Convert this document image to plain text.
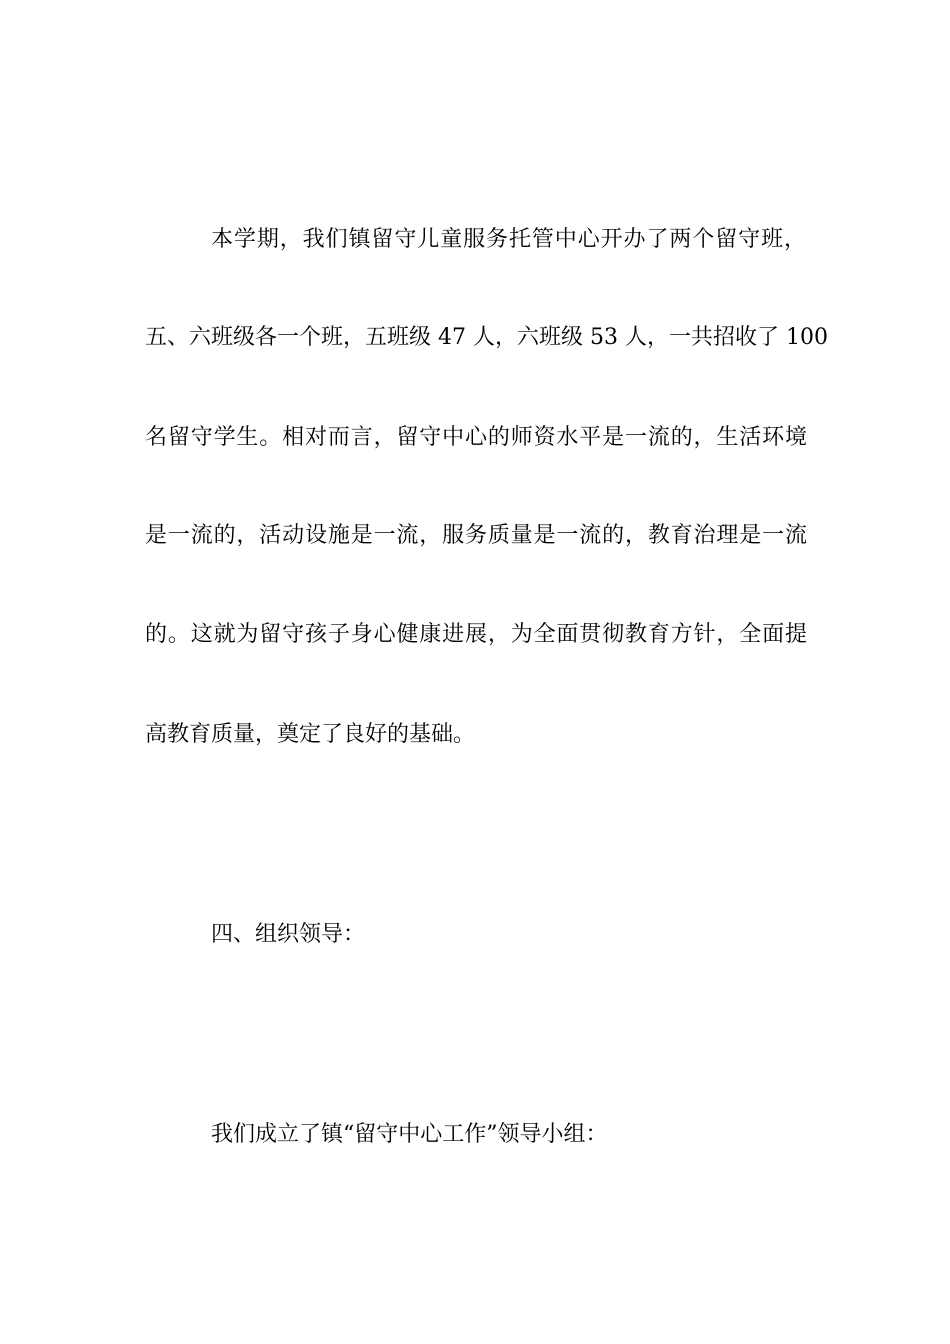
本学期，我们镇留守儿童服务托管中心开办了两个留守班，
五、六班级各一个班，五班级 47 人，六班级 53 人，一共招收了 100
名留守学生。相对而言，留守中心的师资水平是一流的，生活环境
是一流的，活动设施是一流，服务质量是一流的，教育治理是一流
的。这就为留守孩子身心健康进展，为全面贯彻教育方针，全面提
高教育质量，奠定了良好的基础。
四、组织领导：
我们成立了镇“留守中心工作”领导小组：
